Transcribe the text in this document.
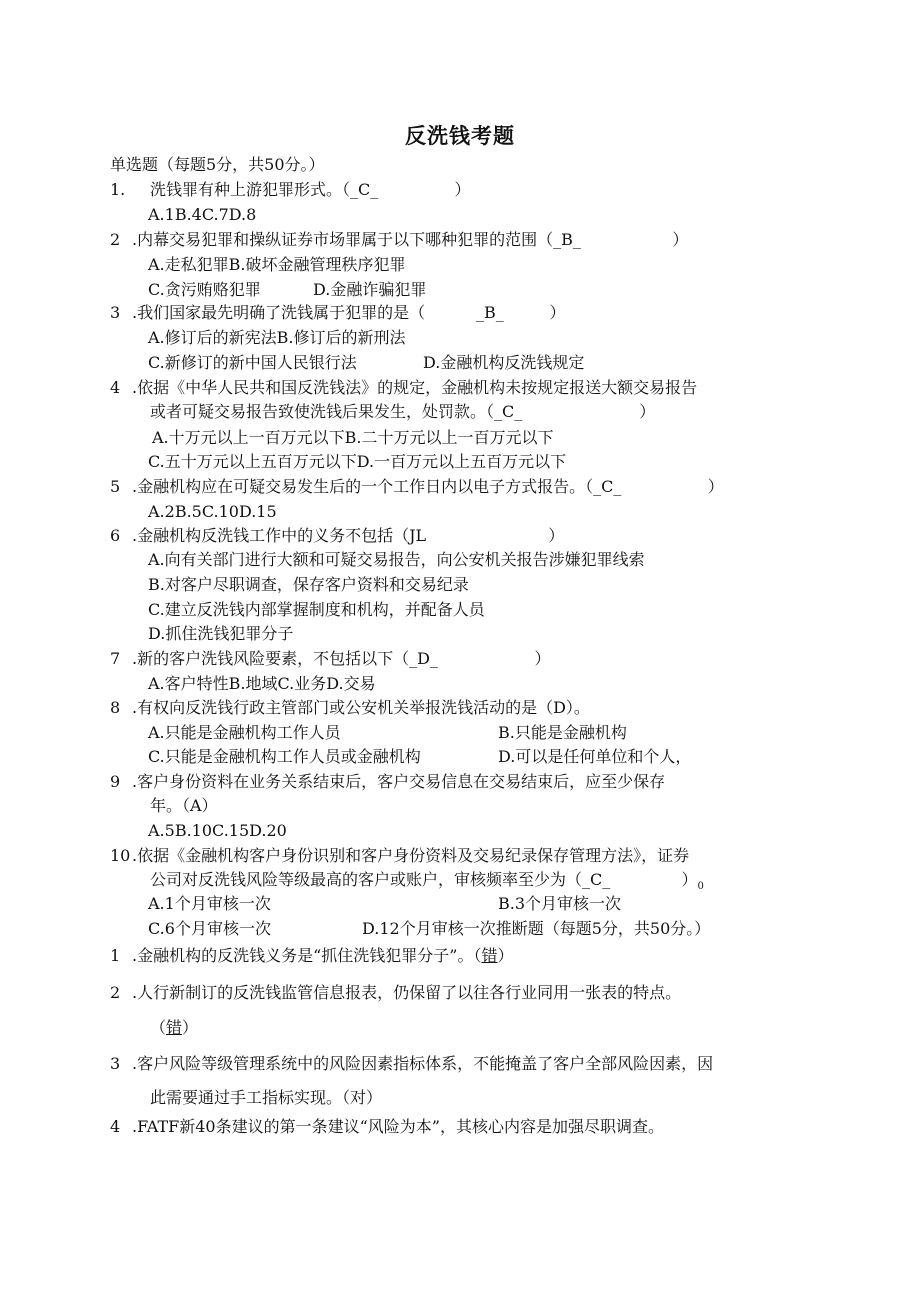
反洗钱考题
单选题（每题5分，共50分。）
1. 洗钱罪有种上游犯罪形式。（_C_               ）
A.1B.4C.7D.8
2 .内幕交易犯罪和操纵证券市场罪属于以下哪种犯罪的范围（_B_                  ）
A.走私犯罪B.破坏金融管理秩序犯罪
C.贪污贿赂犯罪	D.金融诈骗犯罪
3 .我们国家最先明确了洗钱属于犯罪的是（          _B_         ）
A.修订后的新宪法B.修订后的新刑法
C.新修订的新中国人民银行法	D.金融机构反洗钱规定
4 .依据《中华人民共和国反洗钱法》的规定，金融机构未按规定报送大额交易报告
或者可疑交易报告致使洗钱后果发生，处罚款。（_C_                       ）
A.十万元以上一百万元以下B.二十万元以上一百万元以下
C.五十万元以上五百万元以下D.一百万元以上五百万元以下
5 .金融机构应在可疑交易发生后的一个工作日内以电子方式报告。（_C_                 ）
A.2B.5C.10D.15
6 .金融机构反洗钱工作中的义务不包括（JL                        ）
A.向有关部门进行大额和可疑交易报告，向公安机关报告涉嫌犯罪线索
B.对客户尽职调查，保存客户资料和交易纪录
C.建立反洗钱内部掌握制度和机构，并配备人员
D.抓住洗钱犯罪分子
7 .新的客户洗钱风险要素，不包括以下（_D_                   ）
A.客户特性B.地域C.业务D.交易
8 .有权向反洗钱行政主管部门或公安机关举报洗钱活动的是（D）。
A.只能是金融机构工作人员	B.只能是金融机构
C.只能是金融机构工作人员或金融机构	D.可以是任何单位和个人，
9 .客户身份资料在业务关系结束后，客户交易信息在交易结束后，应至少保存
年。（A）
A.5B.10C.15D.20
10 .依据《金融机构客户身份识别和客户身份资料及交易纪录保存管理方法》，证券
公司对反洗钱风险等级最高的客户或账户，审核频率至少为（_C_              ）$_0$
A.1个月审核一次	B.3个月审核一次
C.6个月审核一次	D.12个月审核一次推断题（每题5分，共50分。）
1 .金融机构的反洗钱义务是“抓住洗钱犯罪分子”。（错）
2 .人行新制订的反洗钱监管信息报表，仍保留了以往各行业同用一张表的特点。
（错）
3 .客户风险等级管理系统中的风险因素指标体系，不能掩盖了客户全部风险因素，因
此需要通过手工指标实现。（对）
4 .FATF新40条建议的第一条建议“风险为本”，其核心内容是加强尽职调查。
